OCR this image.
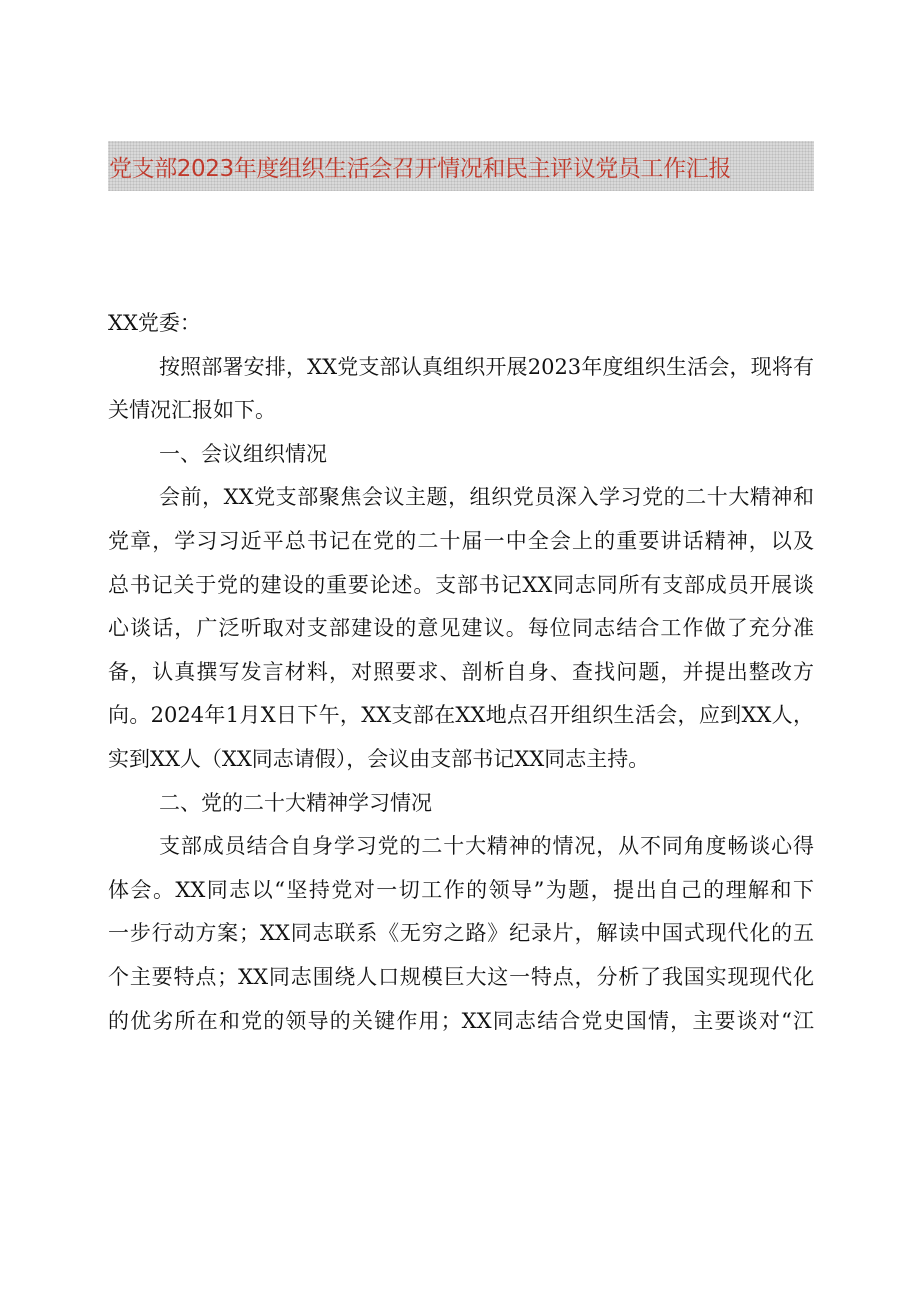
党支部2023年度组织生活会召开情况和民主评议党员工作汇报

XX党委：

按照部署安排，XX党支部认真组织开展2023年度组织生活会，现将有
关情况汇报如下。

一、会议组织情况

会前，XX党支部聚焦会议主题，组织党员深入学习党的二十大精神和
党章，学习习近平总书记在党的二十届一中全会上的重要讲话精神，以及
总书记关于党的建设的重要论述。支部书记XX同志同所有支部成员开展谈
心谈话，广泛听取对支部建设的意见建议。每位同志结合工作做了充分准
备，认真撰写发言材料，对照要求、剖析自身、查找问题，并提出整改方
向。2024年1月X日下午，XX支部在XX地点召开组织生活会，应到XX人，
实到XX人（XX同志请假），会议由支部书记XX同志主持。

二、党的二十大精神学习情况

支部成员结合自身学习党的二十大精神的情况，从不同角度畅谈心得
体会。XX同志以“坚持党对一切工作的领导”为题，提出自己的理解和下
一步行动方案；XX同志联系《无穷之路》纪录片，解读中国式现代化的五
个主要特点；XX同志围绕人口规模巨大这一特点，分析了我国实现现代化
的优劣所在和党的领导的关键作用；XX同志结合党史国情，主要谈对“江
